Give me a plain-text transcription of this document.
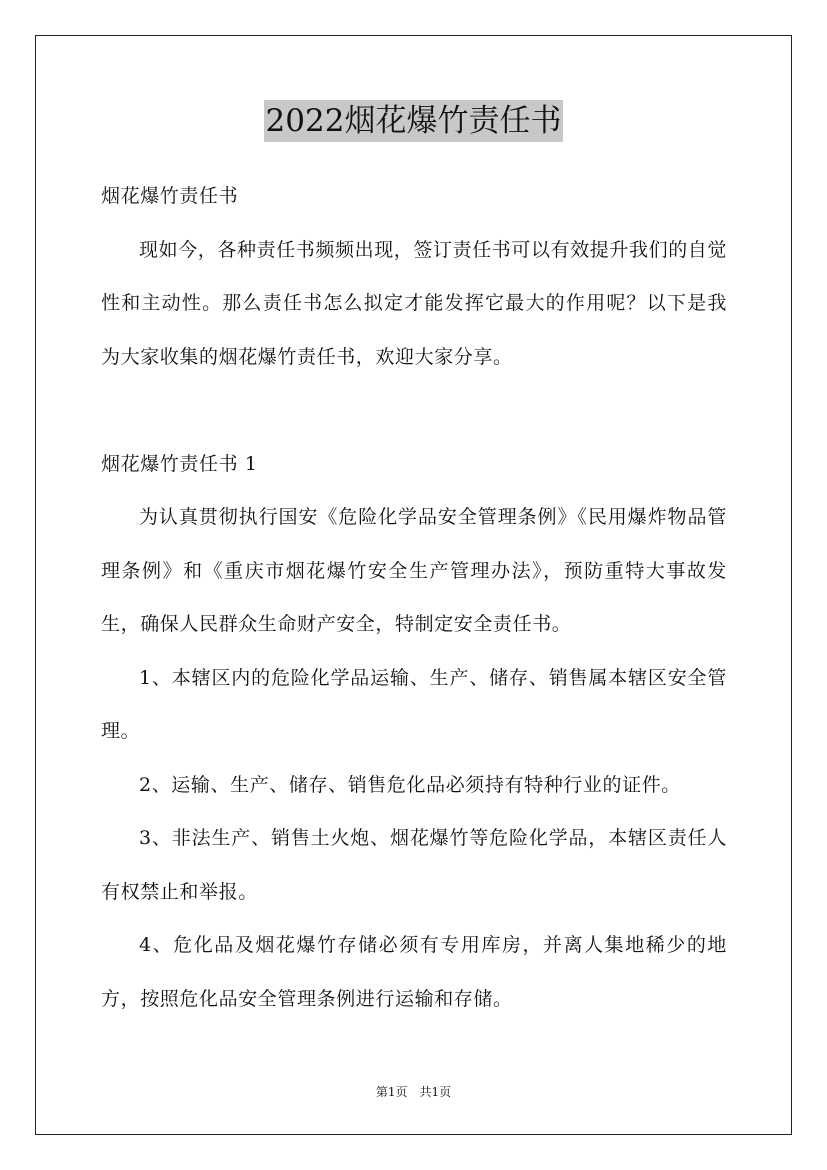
2022烟花爆竹责任书

烟花爆竹责任书

现如今，各种责任书频频出现，签订责任书可以有效提升我们的自觉性和主动性。那么责任书怎么拟定才能发挥它最大的作用呢？以下是我为大家收集的烟花爆竹责任书，欢迎大家分享。

烟花爆竹责任书 1

为认真贯彻执行国安《危险化学品安全管理条例》《民用爆炸物品管理条例》和《重庆市烟花爆竹安全生产管理办法》，预防重特大事故发生，确保人民群众生命财产安全，特制定安全责任书。

1、本辖区内的危险化学品运输、生产、储存、销售属本辖区安全管理。

2、运输、生产、储存、销售危化品必须持有特种行业的证件。

3、非法生产、销售土火炮、烟花爆竹等危险化学品，本辖区责任人有权禁止和举报。

4、危化品及烟花爆竹存储必须有专用库房，并离人集地稀少的地方，按照危化品安全管理条例进行运输和存储。

第1页　共1页
